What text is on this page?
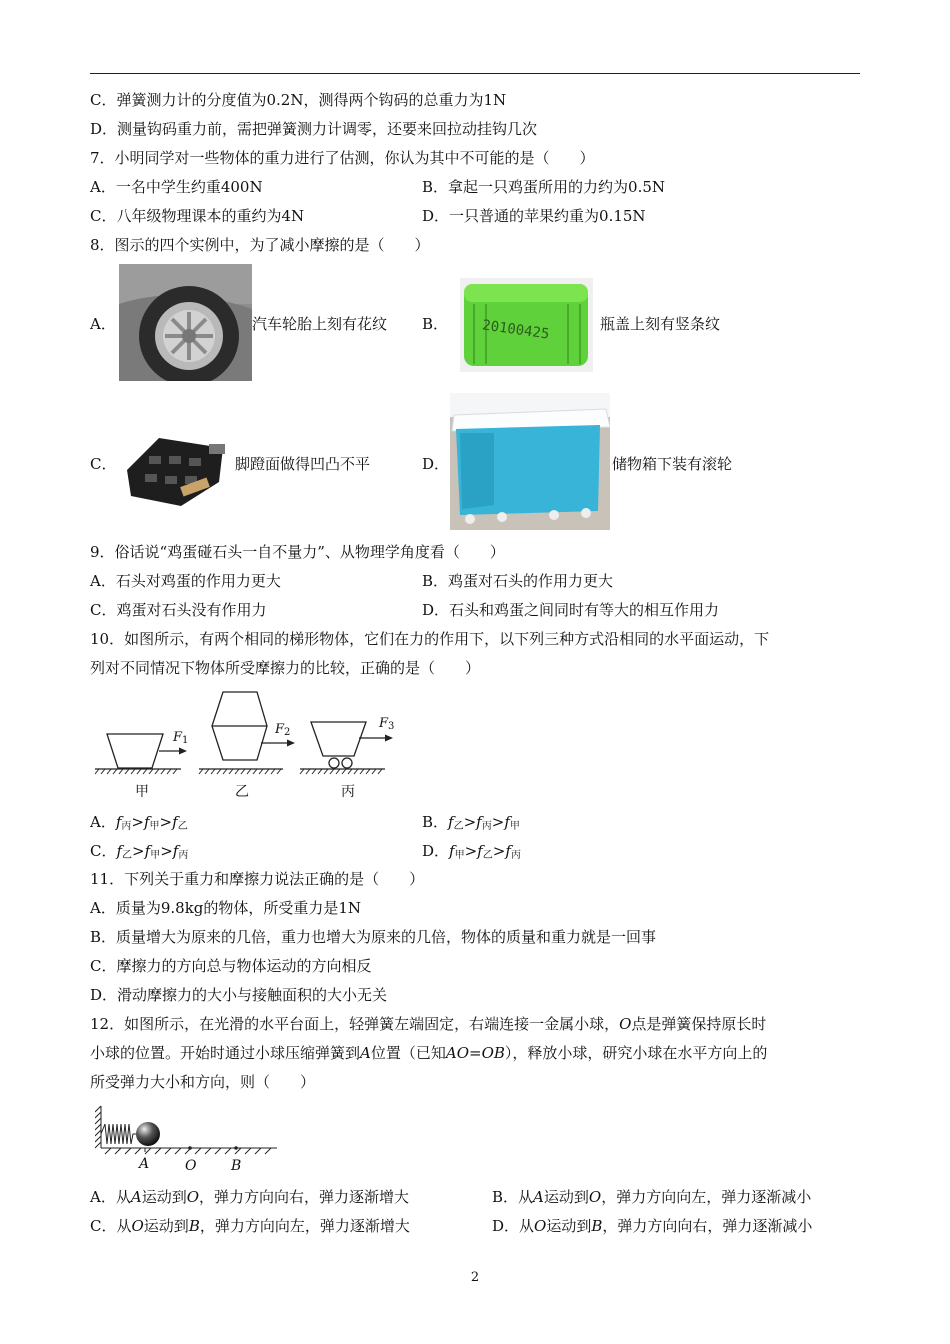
C．弹簧测力计的分度值为0.2N，测得两个钩码的总重力为1N
D．测量钩码重力前，需把弹簧测力计调零，还要来回拉动挂钩几次
7．小明同学对一些物体的重力进行了估测，你认为其中不可能的是（　　）
A．一名中学生约重400N	B．拿起一只鸡蛋所用的力约为0.5N
C．八年级物理课本的重约为4N	D．一只普通的苹果约重为0.15N
8．图示的四个实例中，为了减小摩擦的是（　　）
A．	汽车轮胎上刻有花纹 B． 20100425	瓶盖上刻有竖条纹
C．	脚蹬面做得凹凸不平	D．	储物箱下装有滚轮
9．俗话说“鸡蛋碰石头一自不量力”、从物理学角度看（　　）
A．石头对鸡蛋的作用力更大	B．鸡蛋对石头的作用力更大
C．鸡蛋对石头没有作用力	D．石头和鸡蛋之间同时有等大的相互作用力
10．如图所示，有两个相同的梯形物体，它们在力的作用下，以下列三种方式沿相同的水平面运动，下
列对不同情况下物体所受摩擦力的比较，正确的是（　　）
$F_1$
$F_2$
$F_3$
甲	乙	丙
A．$f_丙>f_甲>f_乙$	B．$f_乙>f_丙>f_甲$
C．$f_乙>f_甲>f_丙$	D．$f_甲>f_乙>f_丙$
11．下列关于重力和摩擦力说法正确的是（　　）
A．质量为9.8kg的物体，所受重力是1N
B．质量增大为原来的几倍，重力也增大为原来的几倍，物体的质量和重力就是一回事
C．摩擦力的方向总与物体运动的方向相反
D．滑动摩擦力的大小与接触面积的大小无关
12．如图所示，在光滑的水平台面上，轻弹簧左端固定，右端连接一金属小球，O点是弹簧保持原长时
小球的位置。开始时通过小球压缩弹簧到A位置（已知AO=OB），释放小球，研究小球在水平方向上的
所受弹力大小和方向，则（　　）
A	O B
A．从A运动到O，弹力方向向右，弹力逐渐增大	B．从A运动到O，弹力方向向左，弹力逐渐减小
C．从O运动到B，弹力方向向左，弹力逐渐增大	D．从O运动到B，弹力方向向右，弹力逐渐减小
2
